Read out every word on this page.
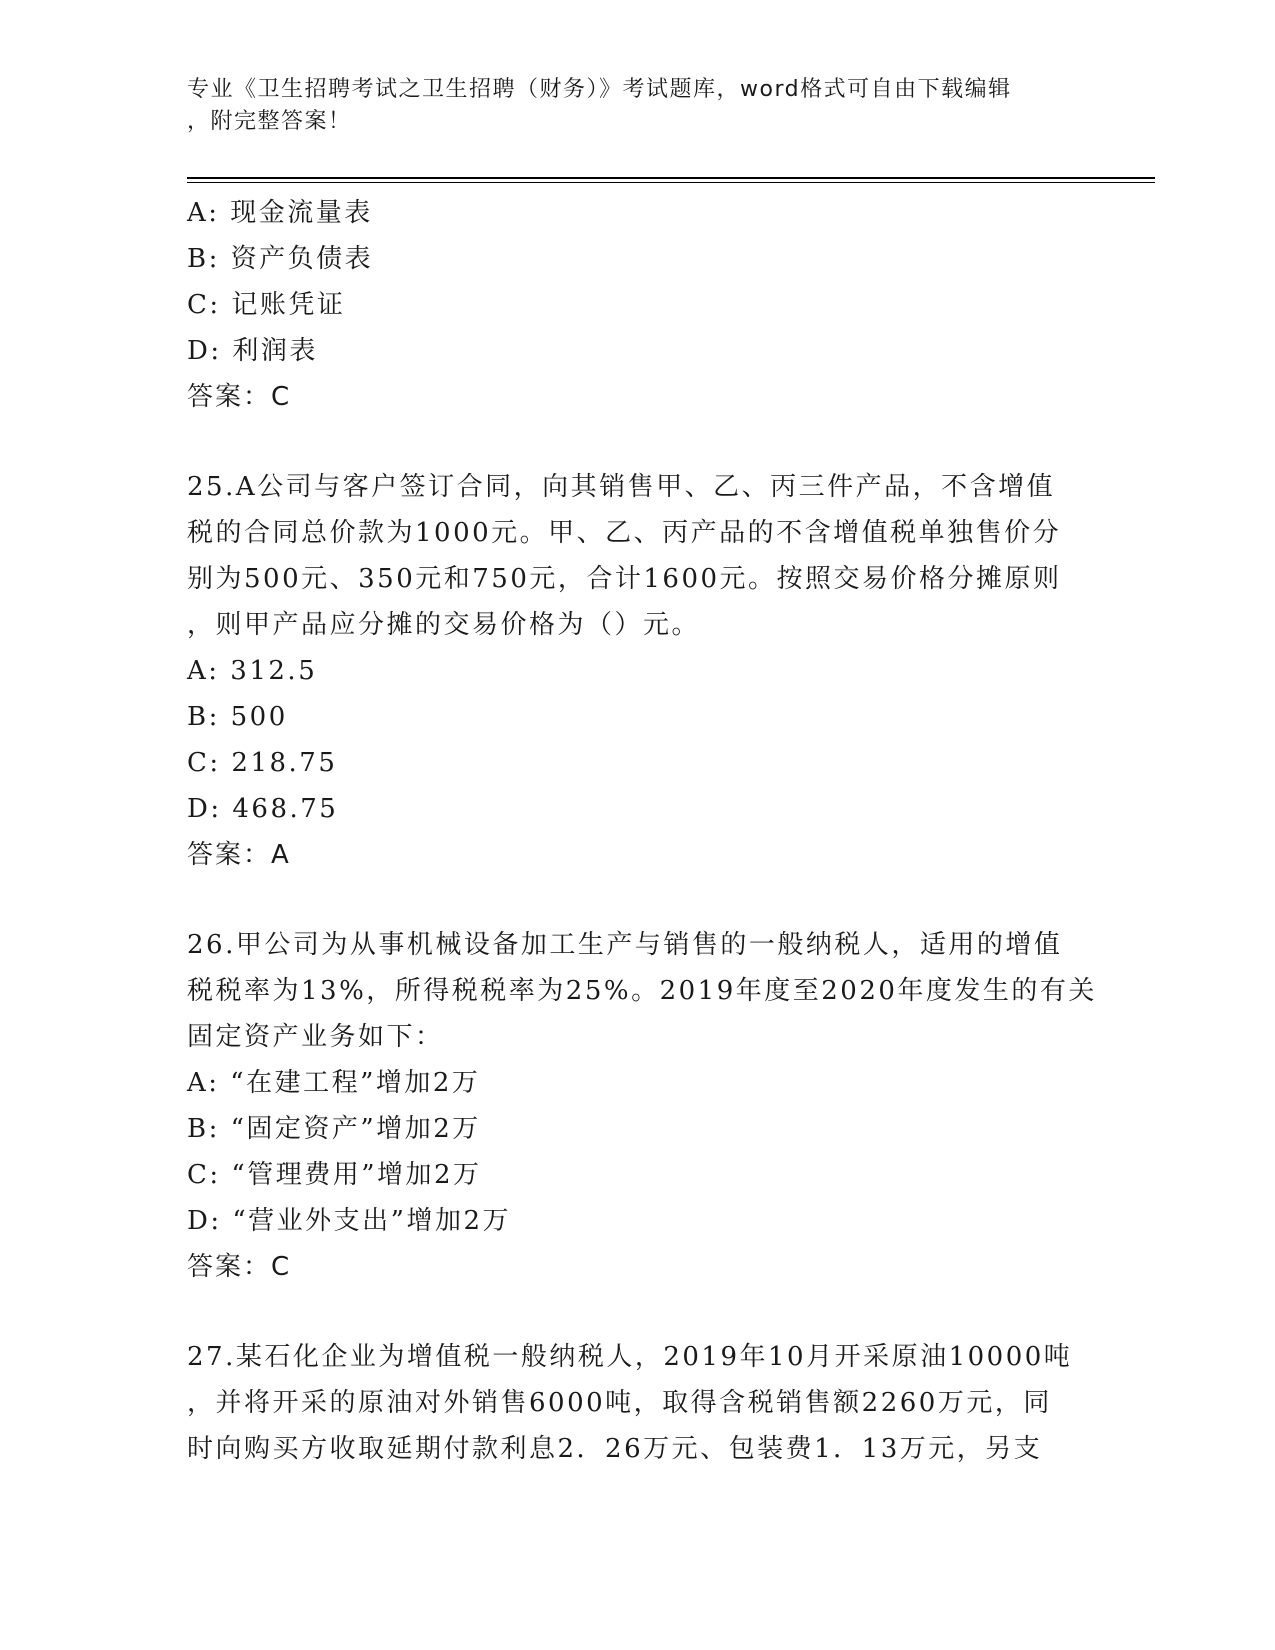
专业《卫生招聘考试之卫生招聘（财务）》考试题库，word格式可自由下载编辑
，附完整答案！
A: 现金流量表
B: 资产负债表
C: 记账凭证
D: 利润表
答案：C
25.A公司与客户签订合同，向其销售甲、乙、丙三件产品，不含增值
税的合同总价款为1000元。甲、乙、丙产品的不含增值税单独售价分
别为500元、350元和750元，合计1600元。按照交易价格分摊原则
，则甲产品应分摊的交易价格为（）元。
A: 312.5
B: 500
C: 218.75
D: 468.75
答案：A
26.甲公司为从事机械设备加工生产与销售的一般纳税人，适用的增值
税税率为13%，所得税税率为25%。2019年度至2020年度发生的有关
固定资产业务如下：
A: “在建工程”增加2万
B: “固定资产”增加2万
C: “管理费用”增加2万
D: “营业外支出”增加2万
答案：C
27.某石化企业为增值税一般纳税人，2019年10月开采原油10000吨
，并将开采的原油对外销售6000吨，取得含税销售额2260万元，同
时向购买方收取延期付款利息2．26万元、包装费1．13万元，另支
